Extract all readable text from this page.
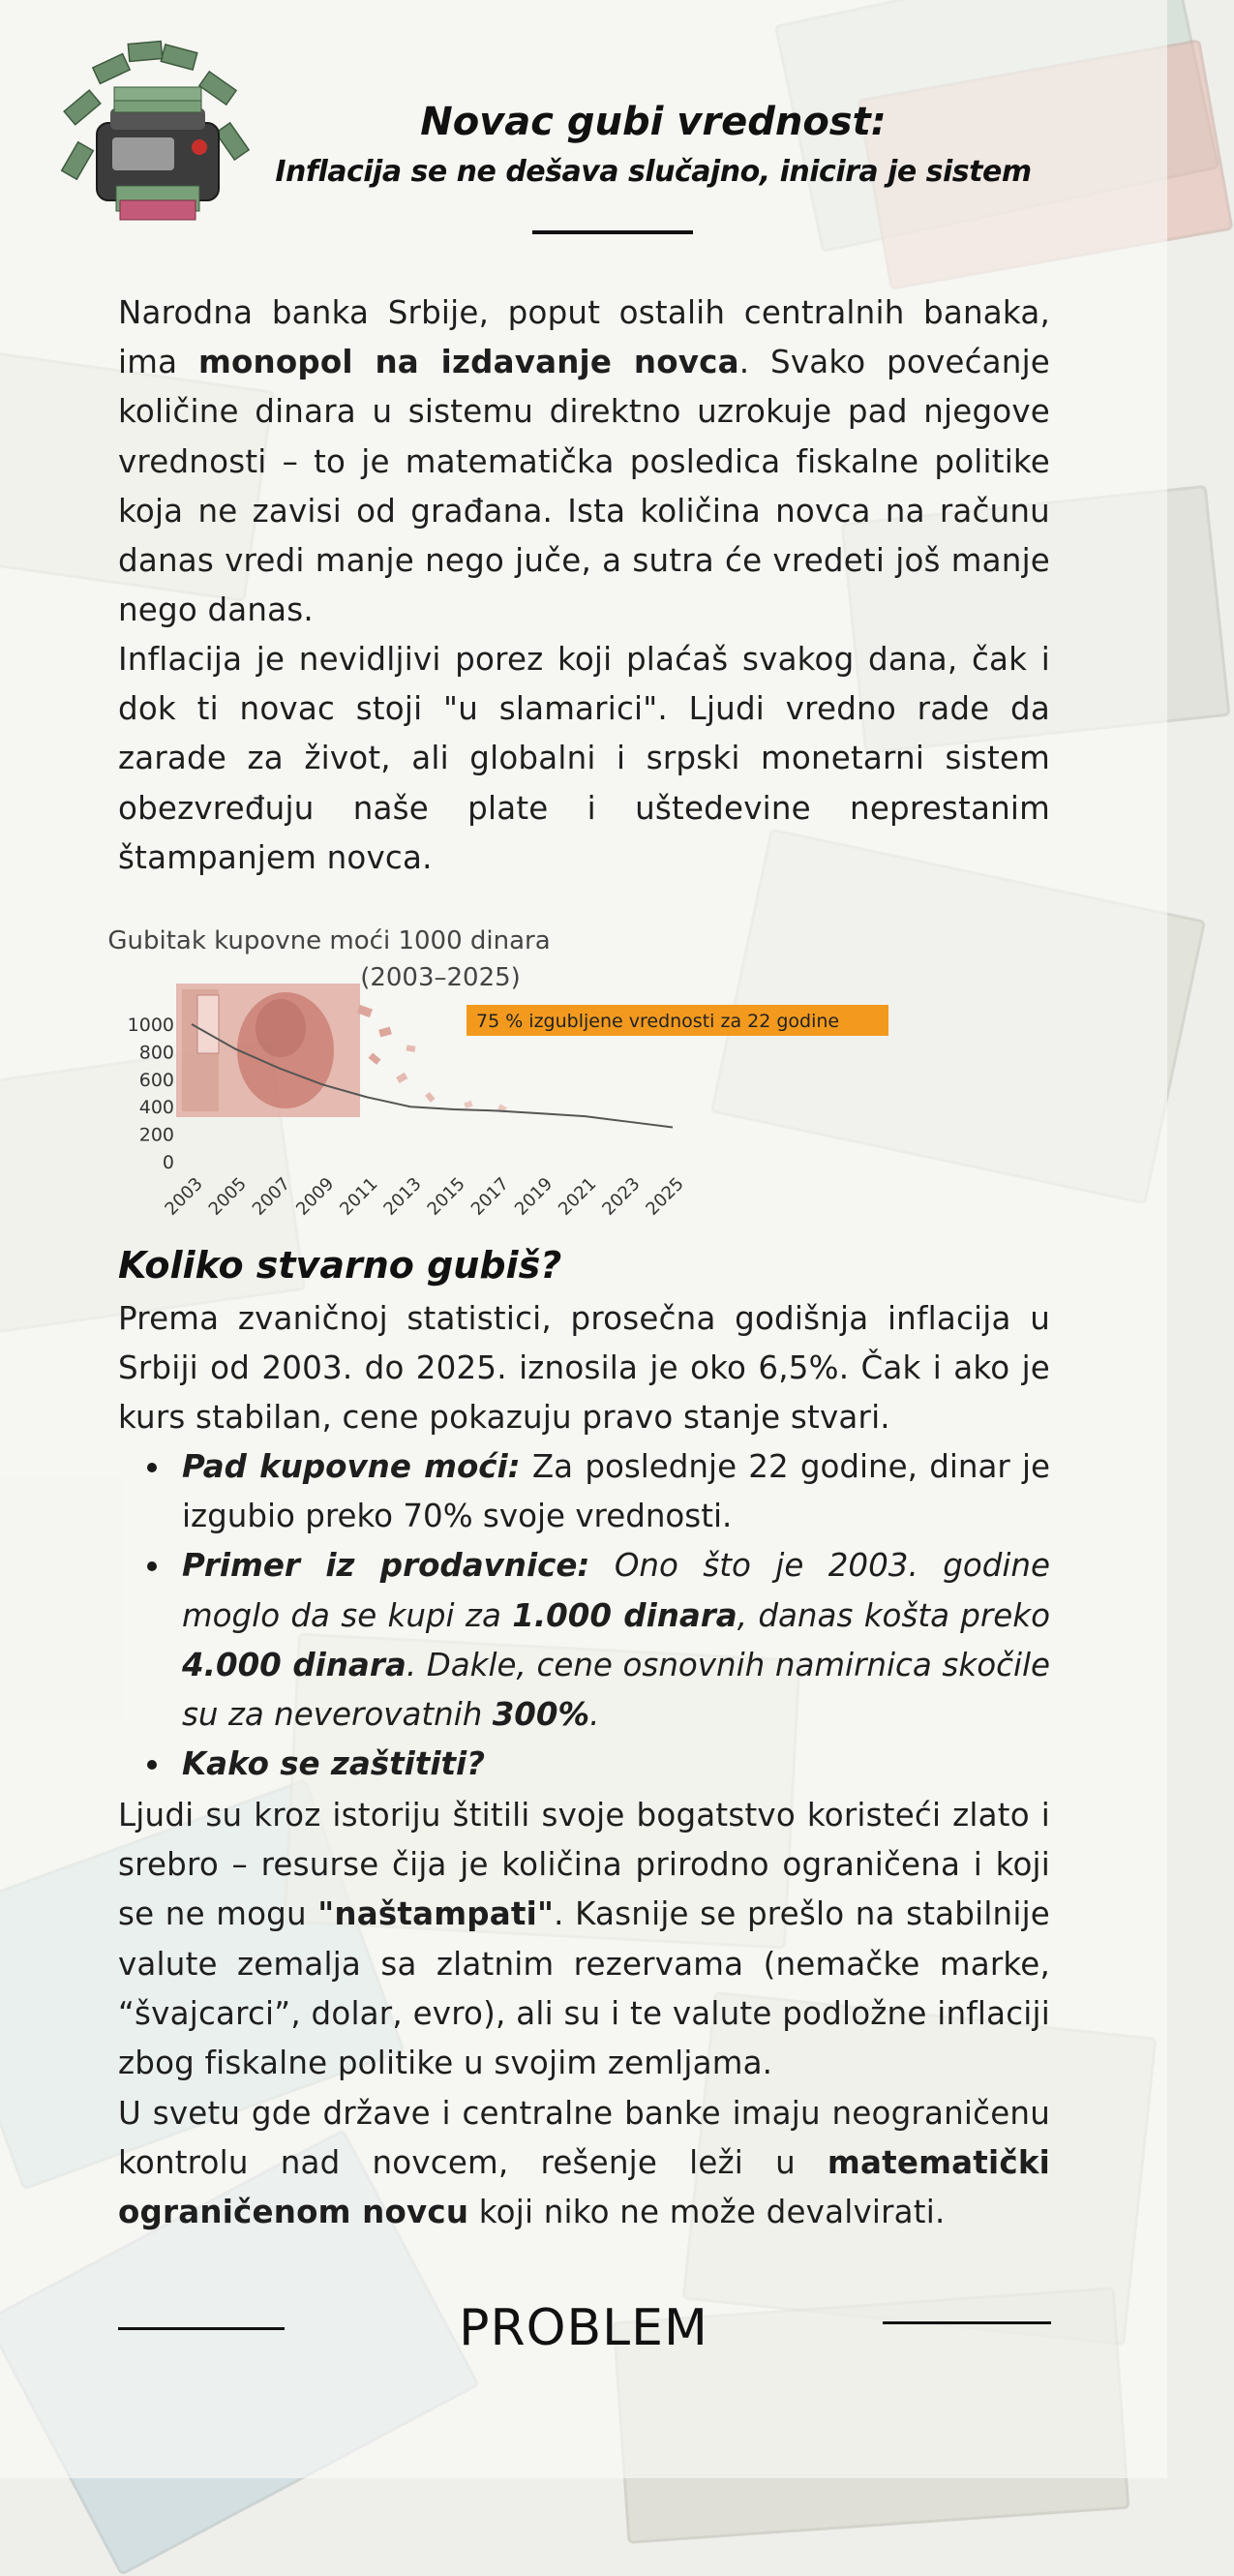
Novac gubi vrednost:
Inflacija se ne dešava slučajno, inicira je sistem

Narodna banka Srbije, poput ostalih centralnih banaka, ima monopol na izdavanje novca. Svako povećanje količine dinara u sistemu direktno uzrokuje pad njegove vrednosti – to je matematička posledica fiskalne politike koja ne zavisi od građana. Ista količina novca na računu danas vredi manje nego juče, a sutra će vredeti još manje nego danas.

Inflacija je nevidljivi porez koji plaćaš svakog dana, čak i dok ti novac stoji "u slamarici". Ljudi vredno rade da zarade za život, ali globalni i srpski monetarni sistem obezvređuju naše plate i uštedevine neprestanim štampanjem novca.

Gubitak kupovne moći 1000 dinara
(2003–2025)
1000
800
600
400
200
0
2003
2005
2007
2009
2011
2013
2015
2017
2019
2021
2023
2025
75 % izgubljene vrednosti za 22 godine
Koliko stvarno gubiš?

Prema zvaničnoj statistici, prosečna godišnja inflacija u Srbiji od 2003. do 2025. iznosila je oko 6,5%. Čak i ako je kurs stabilan, cene pokazuju pravo stanje stvari.

Pad kupovne moći: Za poslednje 22 godine, dinar je izgubio preko 70% svoje vrednosti.
Primer iz prodavnice: Ono što je 2003. godine moglo da se kupi za 1.000 dinara, danas košta preko 4.000 dinara. Dakle, cene osnovnih namirnica skočile su za neverovatnih 300%.
Kako se zaštititi?

Ljudi su kroz istoriju štitili svoje bogatstvo koristeći zlato i srebro – resurse čija je količina prirodno ograničena i koji se ne mogu "naštampati". Kasnije se prešlo na stabilnije valute zemalja sa zlatnim rezervama (nemačke marke, “švajcarci”, dolar, evro), ali su i te valute podložne inflaciji zbog fiskalne politike u svojim zemljama.

U svetu gde države i centralne banke imaju neograničenu kontrolu nad novcem, rešenje leži u matematički ograničenom novcu koji niko ne može devalvirati.

PROBLEM
